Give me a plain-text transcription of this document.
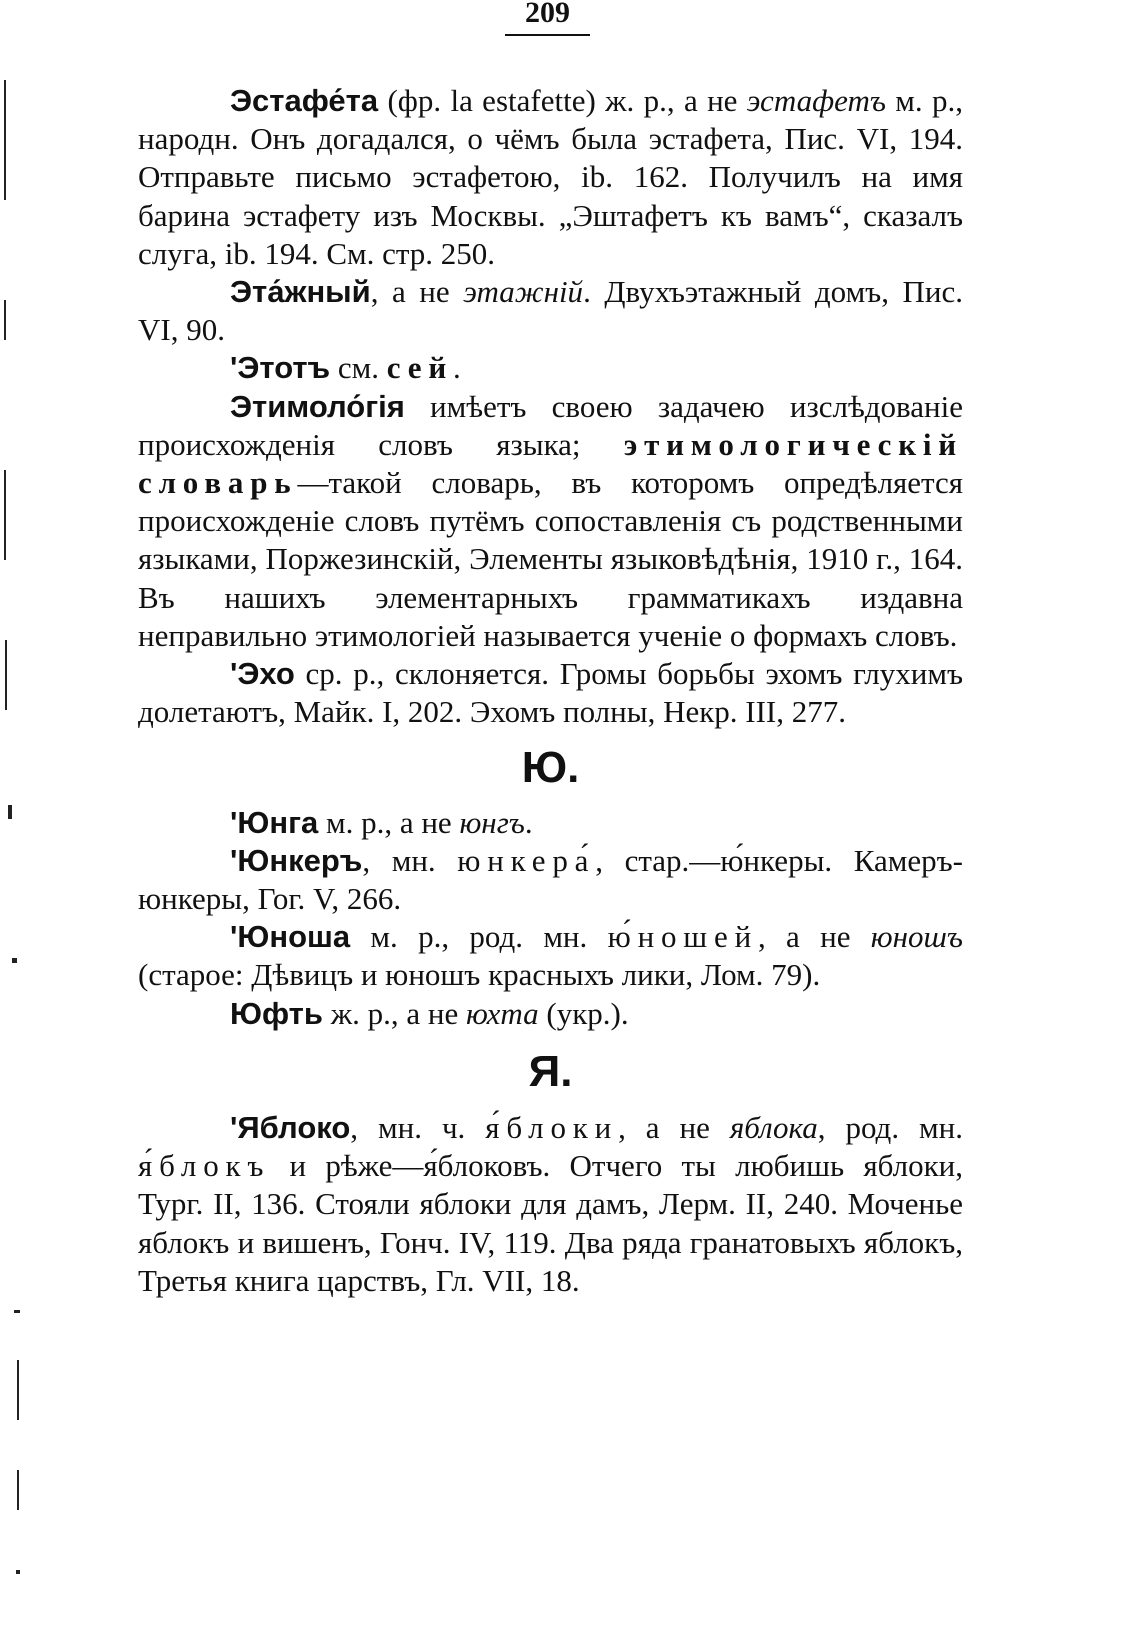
209

Эстафе́та (фр. la estafette) ж. р., а не эстафетъ м. р., народн. Онъ догадался, о чёмъ была эстафета, Пис. VI, 194. Отправьте письмо эстафетою, ib. 162. Получилъ на имя барина эстафету изъ Москвы. „Эштафетъ къ вамъ“, сказалъ слуга, ib. 194. См. стр. 250.

Эта́жный, а не этажній. Двухъэтажный домъ, Пис. VI, 90.

'Этотъ см. сей.

Этимоло́гія имѣетъ своею задачею изслѣдованіе происхожденія словъ языка; этимологическій словарь—такой словарь, въ которомъ опредѣляется происхожденіе словъ путёмъ сопоставленія съ родственными языками, Поржезинскій, Элементы языковѣдѣнія, 1910 г., 164. Въ нашихъ элементарныхъ грамматикахъ издавна неправильно этимологіей называется ученіе о формахъ словъ.

'Эхо ср. р., склоняется. Громы борьбы эхомъ глухимъ долетаютъ, Майк. I, 202. Эхомъ полны, Некр. III, 277.

Ю.

'Юнга м. р., а не юнгъ.

'Юнкеръ, мн. юнкера́, стар.—ю́нкеры. Камеръ-юнкеры, Гог. V, 266.

'Юноша м. р., род. мн. ю́ношей, а не юношъ (старое: Дѣвицъ и юношъ красныхъ лики, Лом. 79).

Юфть ж. р., а не юхта (укр.).

Я.

'Яблоко, мн. ч. я́блоки, а не яблока, род. мн. я́блокъ и рѣже—я́блоковъ. Отчего ты любишь яблоки, Тург. II, 136. Стояли яблоки для дамъ, Лерм. II, 240. Моченье яблокъ и вишенъ, Гонч. IV, 119. Два ряда гранатовыхъ яблокъ, Третья книга царствъ, Гл. VII, 18.
